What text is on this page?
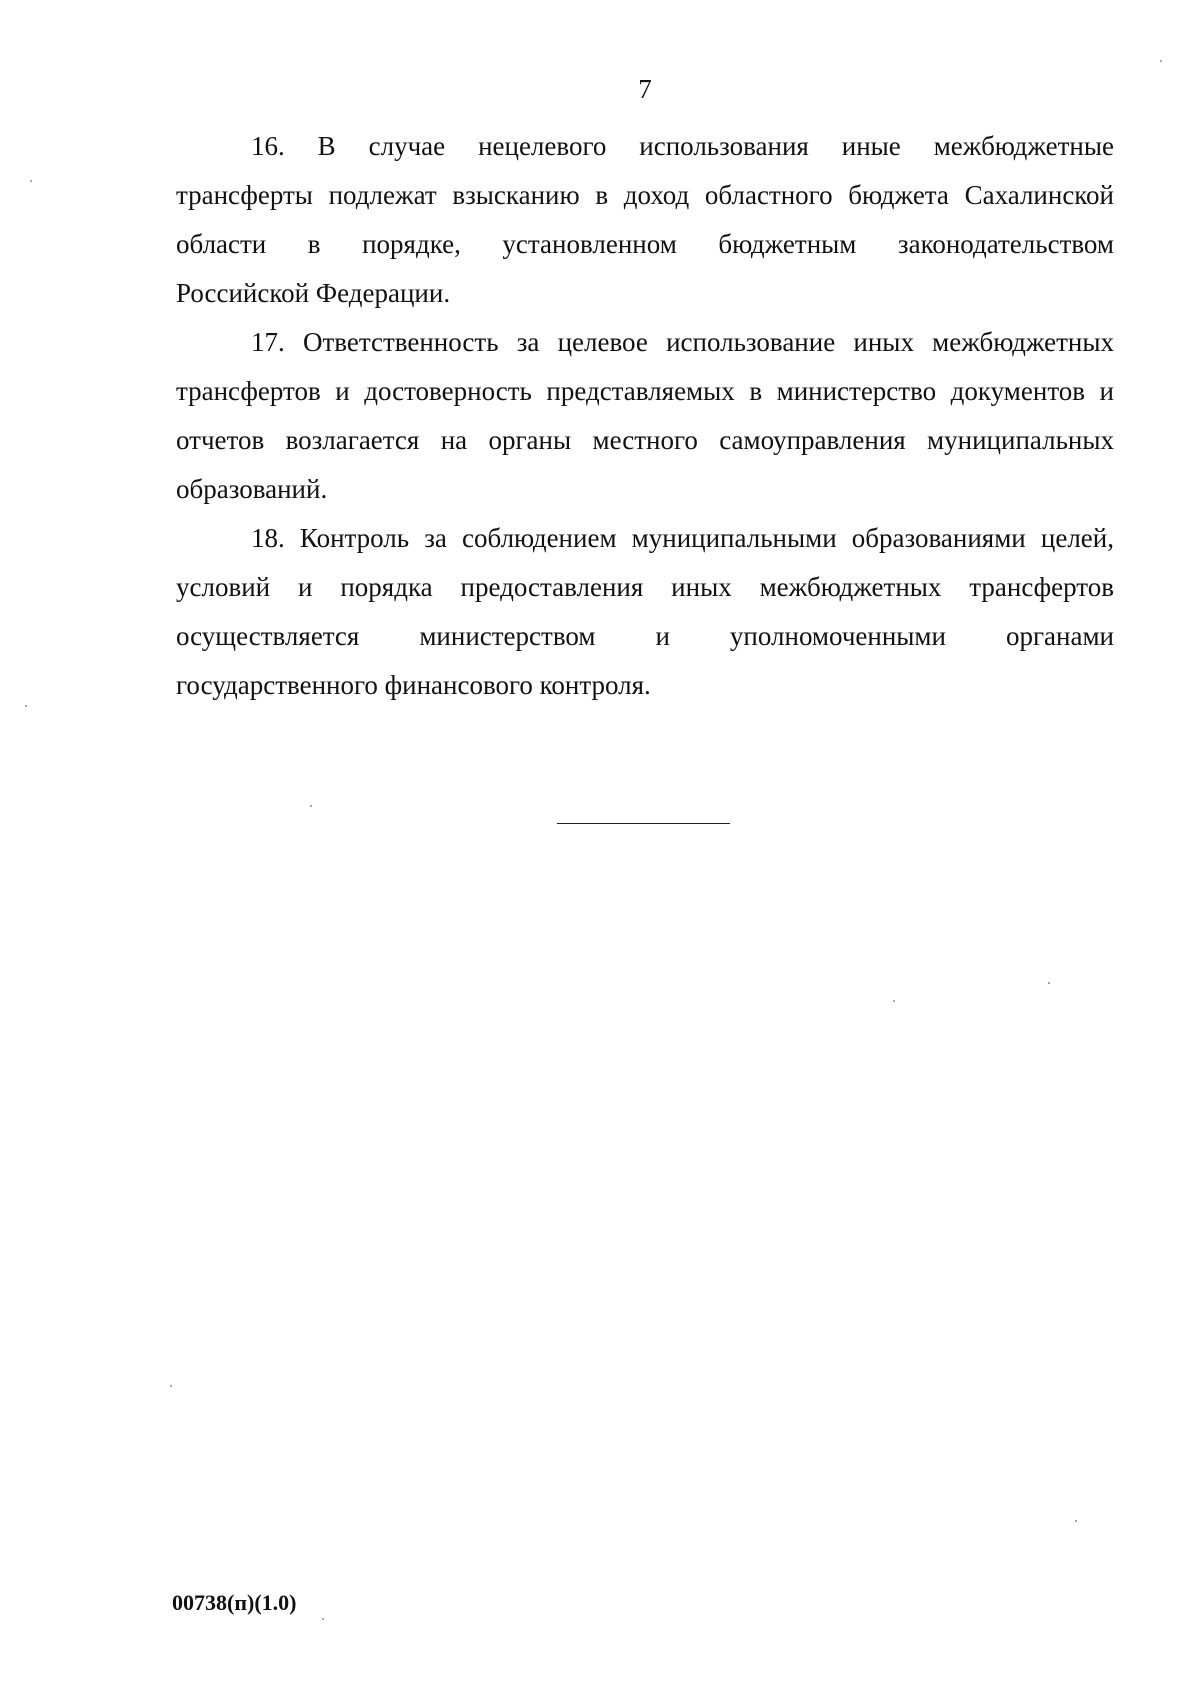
7

16. В случае нецелевого использования иные межбюджетные
трансферты подлежат взысканию в доход областного бюджета Сахалинской
области в порядке, установленном бюджетным законодательством
Российской Федерации.

17. Ответственность за целевое использование иных межбюджетных
трансфертов и достоверность представляемых в министерство документов и
отчетов возлагается на органы местного самоуправления муниципальных
образований.

18. Контроль за соблюдением муниципальными образованиями целей,
условий и порядка предоставления иных межбюджетных трансфертов
осуществляется министерством и уполномоченными органами
государственного финансового контроля.

00738(п)(1.0)
